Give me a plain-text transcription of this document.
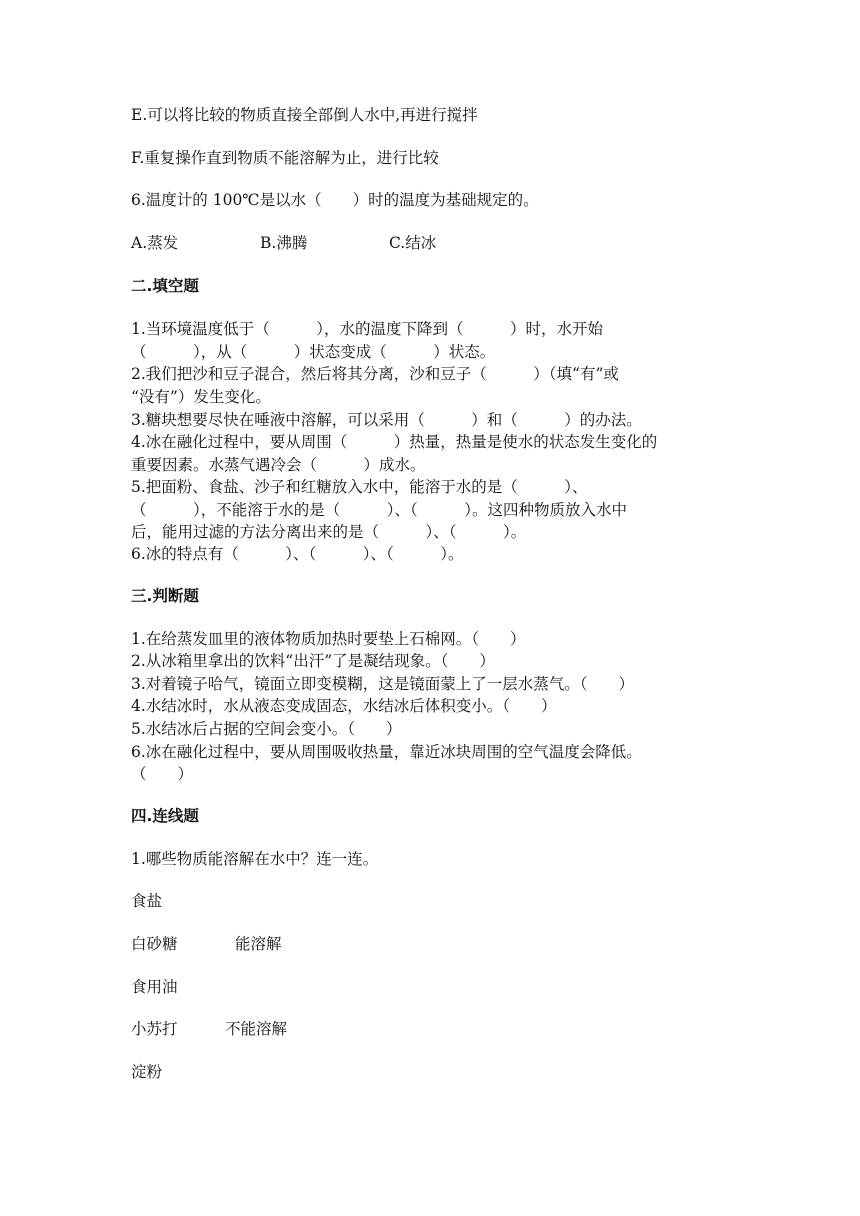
E.可以将比较的物质直接全部倒人水中,再进行搅拌
F.重复操作直到物质不能溶解为止，进行比较
6.温度计的 100℃是以水（　　）时的温度为基础规定的。
A.蒸发	B.沸腾	C.结冰
二.填空题
1.当环境温度低于（　　　），水的温度下降到（　　　）时，水开始
（　　　），从（　　　）状态变成（　　　）状态。
2.我们把沙和豆子混合，然后将其分离，沙和豆子（　　　）（填“有”或
“没有”）发生变化。
3.糖块想要尽快在唾液中溶解，可以采用（　　　）和（　　　）的办法。
4.冰在融化过程中，要从周围（　　　）热量，热量是使水的状态发生变化的
重要因素。水蒸气遇冷会（　　　）成水。
5.把面粉、食盐、沙子和红糖放入水中，能溶于水的是（　　　）、
（　　　），不能溶于水的是（　　　）、（　　　）。这四种物质放入水中
后，能用过滤的方法分离出来的是（　　　）、（　　　）。
6.冰的特点有（　　　）、（　　　）、（　　　）。
三.判断题
1.在给蒸发皿里的液体物质加热时要垫上石棉网。（　　）
2.从冰箱里拿出的饮料“出汗”了是凝结现象。（　　）
3.对着镜子哈气，镜面立即变模糊，这是镜面蒙上了一层水蒸气。（　　）
4.水结冰时，水从液态变成固态，水结冰后体积变小。（　　）
5.水结冰后占据的空间会变小。（　　）
6.冰在融化过程中，要从周围吸收热量，靠近冰块周围的空气温度会降低。
（　　）
四.连线题
1.哪些物质能溶解在水中？连一连。
食盐
白砂糖	能溶解
食用油
小苏打	不能溶解
淀粉
